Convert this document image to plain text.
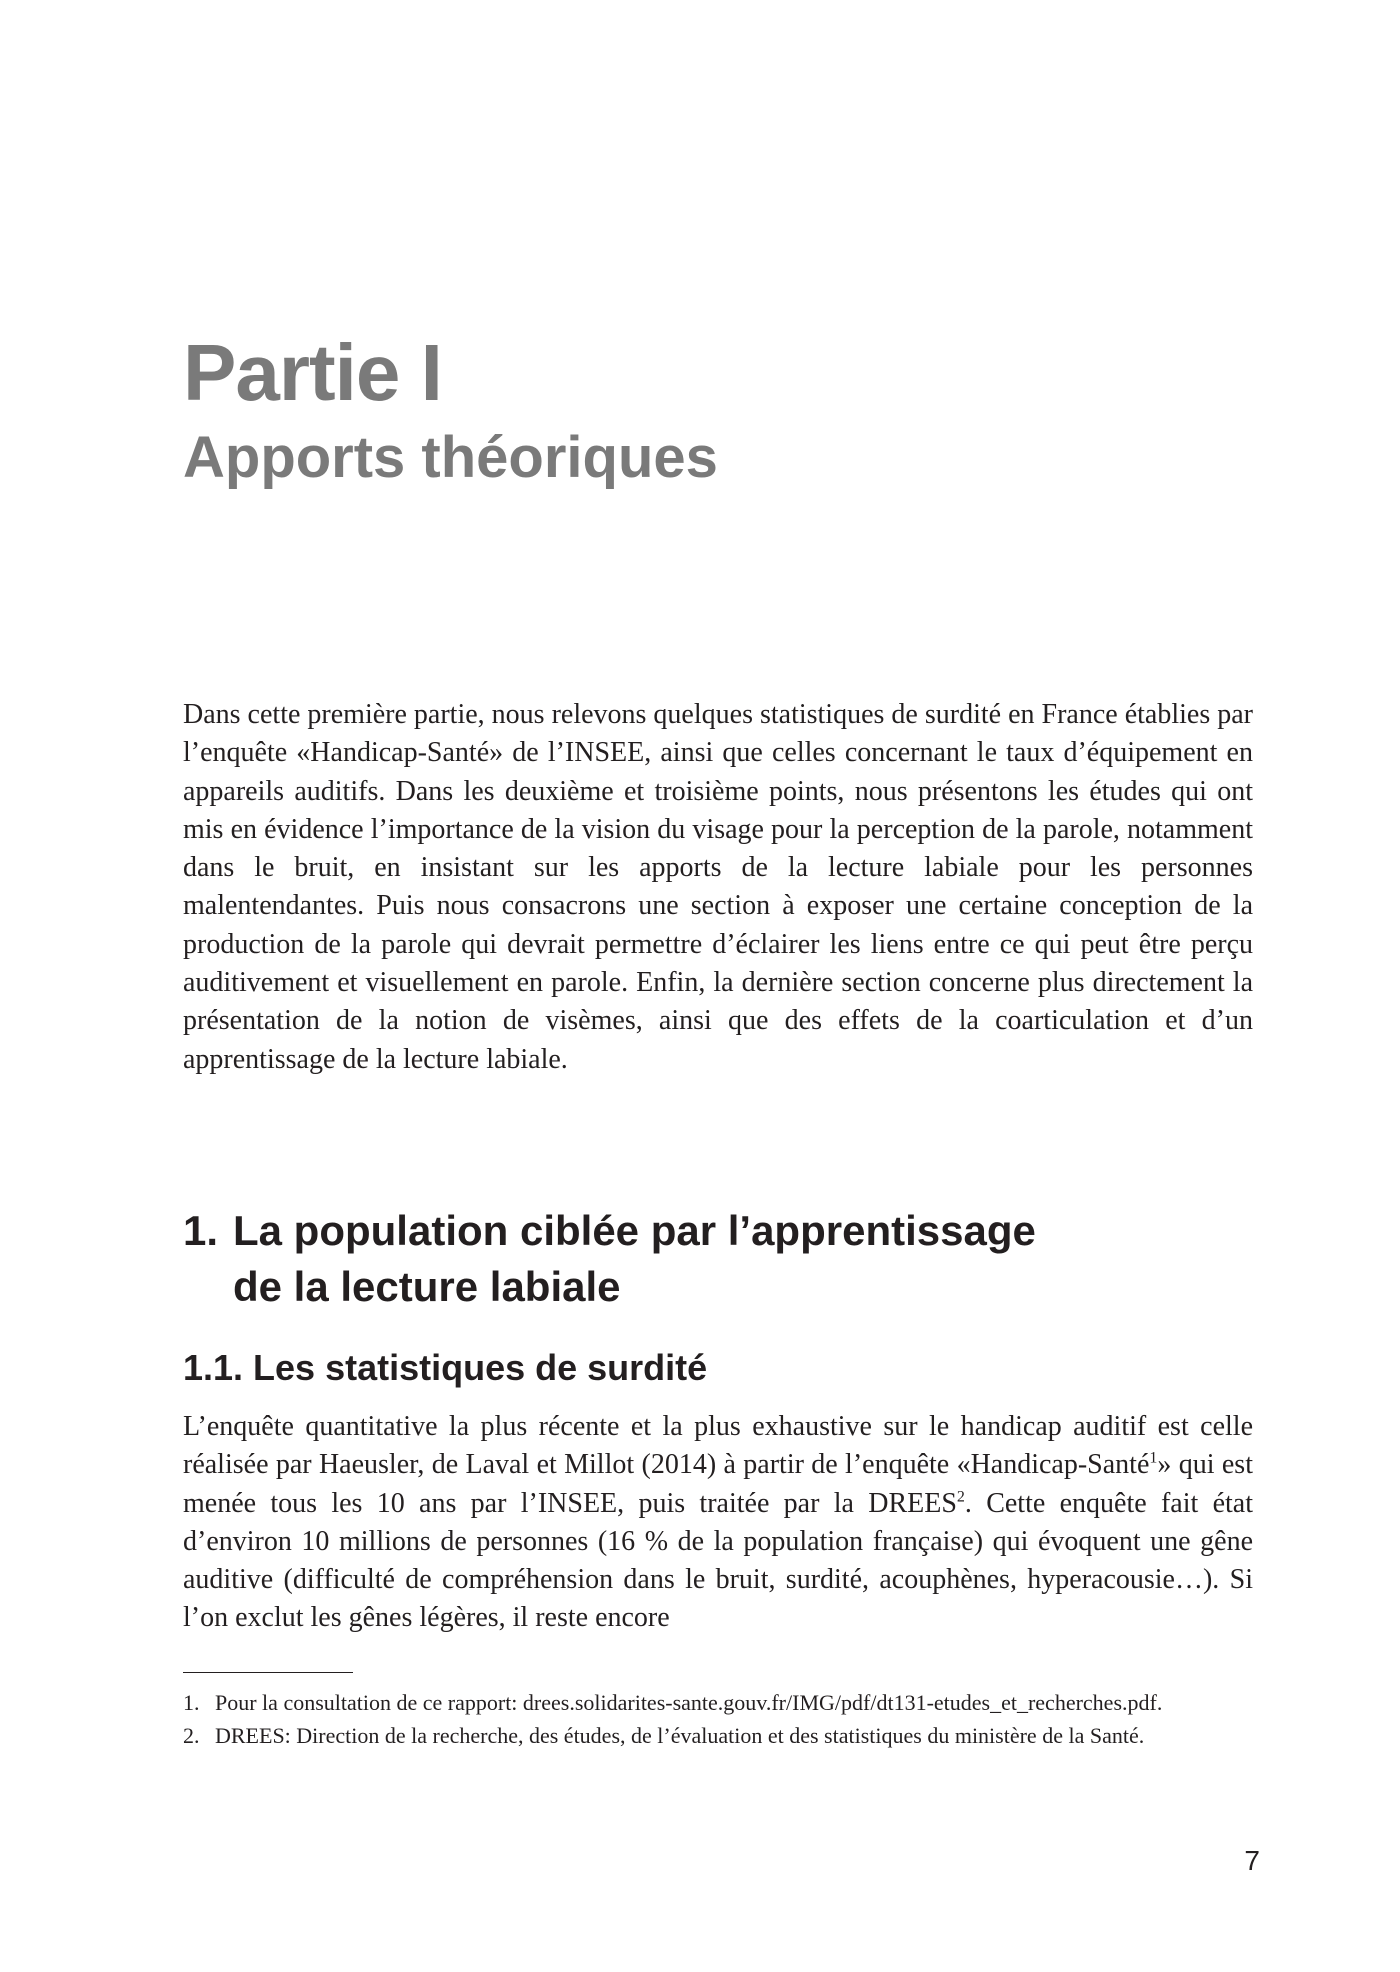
Partie I
Apports théoriques

Dans cette première partie, nous relevons quelques statistiques de surdité en France établies par l’enquête «Handicap-Santé» de l’INSEE, ainsi que celles concernant le taux d’équipement en appareils auditifs. Dans les deuxième et troisième points, nous présentons les études qui ont mis en évidence l’importance de la vision du visage pour la perception de la parole, notamment dans le bruit, en insistant sur les apports de la lecture labiale pour les personnes malentendantes. Puis nous consacrons une section à exposer une certaine conception de la production de la parole qui devrait permettre d’éclairer les liens entre ce qui peut être perçu auditivement et visuellement en parole. Enfin, la dernière section concerne plus directement la présentation de la notion de visèmes, ainsi que des effets de la coarticulation et d’un apprentissage de la lecture labiale.

1. La population ciblée par l’apprentissage
de la lecture labiale
1.1. Les statistiques de surdité

L’enquête quantitative la plus récente et la plus exhaustive sur le handicap auditif est celle réalisée par Haeusler, de Laval et Millot (2014) à partir de l’enquête «Handicap-Santé$^1$» qui est menée tous les 10 ans par l’INSEE, puis traitée par la DREES$^2$. Cette enquête fait état d’environ 10 millions de personnes (16 % de la population française) qui évoquent une gêne auditive (difficulté de compréhension dans le bruit, surdité, acouphènes, hyperacousie…). Si l’on exclut les gênes légères, il reste encore

1. Pour la consultation de ce rapport: drees.solidarites-sante.gouv.fr/IMG/pdf/dt131-etudes_et_recherches.pdf.
2. DREES: Direction de la recherche, des études, de l’évaluation et des statistiques du ministère de la Santé.
7
